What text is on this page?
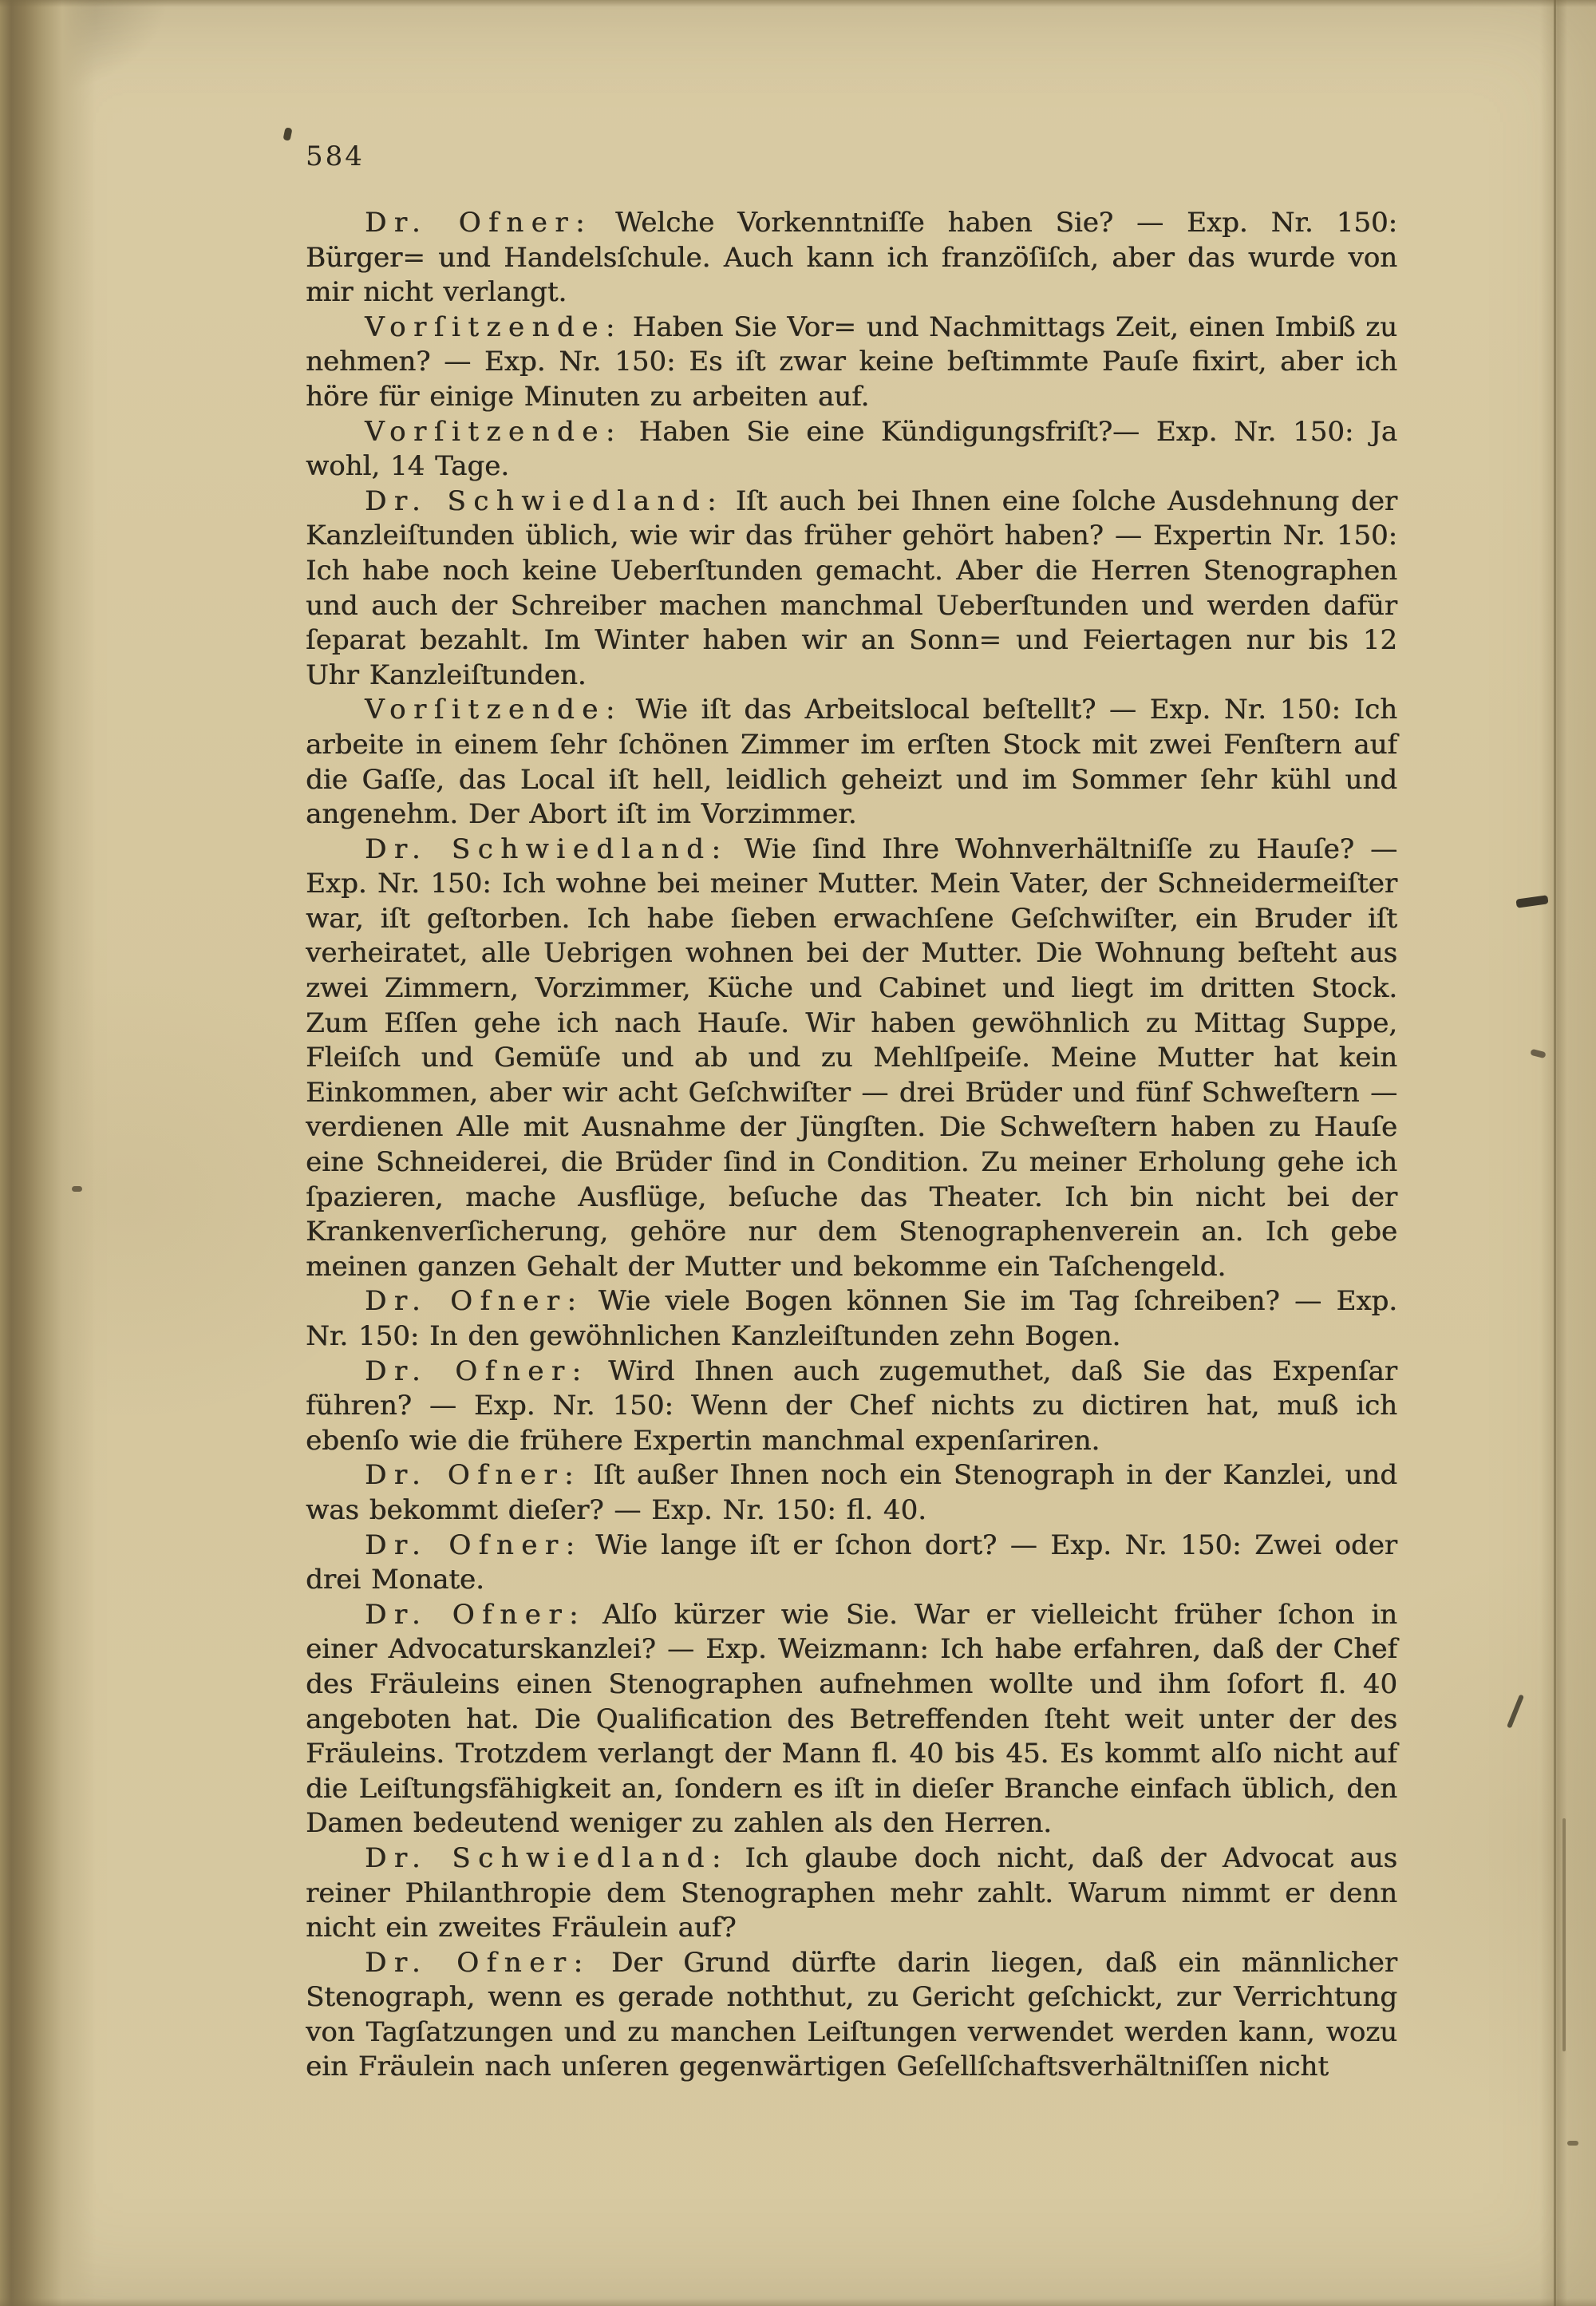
584

Dr. Ofner: Welche Vorkenntniſſe haben Sie? — Exp. Nr. 150: Bürger= und Handelsſchule. Auch kann ich franzöſiſch, aber das wurde von mir nicht verlangt.

Vorſitzende: Haben Sie Vor= und Nachmittags Zeit, einen Imbiß zu nehmen? — Exp. Nr. 150: Es iſt zwar keine beſtimmte Pauſe fixirt, aber ich höre für einige Minuten zu arbeiten auf.

Vorſitzende: Haben Sie eine Kündigungsfriſt?— Exp. Nr. 150: Ja wohl, 14 Tage.

Dr. Schwiedland: Iſt auch bei Ihnen eine ſolche Ausdehnung der Kanzleiſtunden üblich, wie wir das früher gehört haben? — Expertin Nr. 150: Ich habe noch keine Ueberſtunden gemacht. Aber die Herren Stenographen und auch der Schreiber machen manchmal Ueberſtunden und werden dafür ſeparat bezahlt. Im Winter haben wir an Sonn= und Feiertagen nur bis 12 Uhr Kanzleiſtunden.

Vorſitzende: Wie iſt das Arbeitslocal beſtellt? — Exp. Nr. 150: Ich arbeite in einem ſehr ſchönen Zimmer im erſten Stock mit zwei Fenſtern auf die Gaſſe, das Local iſt hell, leidlich geheizt und im Sommer ſehr kühl und angenehm. Der Abort iſt im Vorzimmer.

Dr. Schwiedland: Wie ſind Ihre Wohnverhältniſſe zu Hauſe? — Exp. Nr. 150: Ich wohne bei meiner Mutter. Mein Vater, der Schneidermeiſter war, iſt geſtorben. Ich habe ſieben erwachſene Geſchwiſter, ein Bruder iſt verheiratet, alle Uebrigen wohnen bei der Mutter. Die Wohnung beſteht aus zwei Zimmern, Vorzimmer, Küche und Cabinet und liegt im dritten Stock. Zum Eſſen gehe ich nach Hauſe. Wir haben gewöhnlich zu Mittag Suppe, Fleiſch und Gemüſe und ab und zu Mehlſpeiſe. Meine Mutter hat kein Einkommen, aber wir acht Geſchwiſter — drei Brüder und fünf Schweſtern — verdienen Alle mit Ausnahme der Jüngſten. Die Schweſtern haben zu Hauſe eine Schneiderei, die Brüder ſind in Condition. Zu meiner Erholung gehe ich ſpazieren, mache Ausflüge, beſuche das Theater. Ich bin nicht bei der Krankenverſicherung, gehöre nur dem Stenographenverein an. Ich gebe meinen ganzen Gehalt der Mutter und bekomme ein Taſchengeld.

Dr. Ofner: Wie viele Bogen können Sie im Tag ſchreiben? — Exp. Nr. 150: In den gewöhnlichen Kanzleiſtunden zehn Bogen.

Dr. Ofner: Wird Ihnen auch zugemuthet, daß Sie das Expenſar führen? — Exp. Nr. 150: Wenn der Chef nichts zu dictiren hat, muß ich ebenſo wie die frühere Expertin manchmal expenſariren.

Dr. Ofner: Iſt außer Ihnen noch ein Stenograph in der Kanzlei, und was bekommt dieſer? — Exp. Nr. 150: fl. 40.

Dr. Ofner: Wie lange iſt er ſchon dort? — Exp. Nr. 150: Zwei oder drei Monate.

Dr. Ofner: Alſo kürzer wie Sie. War er vielleicht früher ſchon in einer Advocaturskanzlei? — Exp. Weizmann: Ich habe erfahren, daß der Chef des Fräuleins einen Stenographen aufnehmen wollte und ihm ſofort fl. 40 angeboten hat. Die Qualification des Betreffenden ſteht weit unter der des Fräuleins. Trotzdem verlangt der Mann fl. 40 bis 45. Es kommt alſo nicht auf die Leiſtungsfähigkeit an, ſondern es iſt in dieſer Branche einfach üblich, den Damen bedeutend weniger zu zahlen als den Herren.

Dr. Schwiedland: Ich glaube doch nicht, daß der Advocat aus reiner Philanthropie dem Stenographen mehr zahlt. Warum nimmt er denn nicht ein zweites Fräulein auf?

Dr. Ofner: Der Grund dürfte darin liegen, daß ein männlicher Stenograph, wenn es gerade noththut, zu Gericht geſchickt, zur Verrichtung von Tagſatzungen und zu manchen Leiſtungen verwendet werden kann, wozu ein Fräulein nach unſeren gegenwärtigen Geſellſchaftsverhältniſſen nicht
